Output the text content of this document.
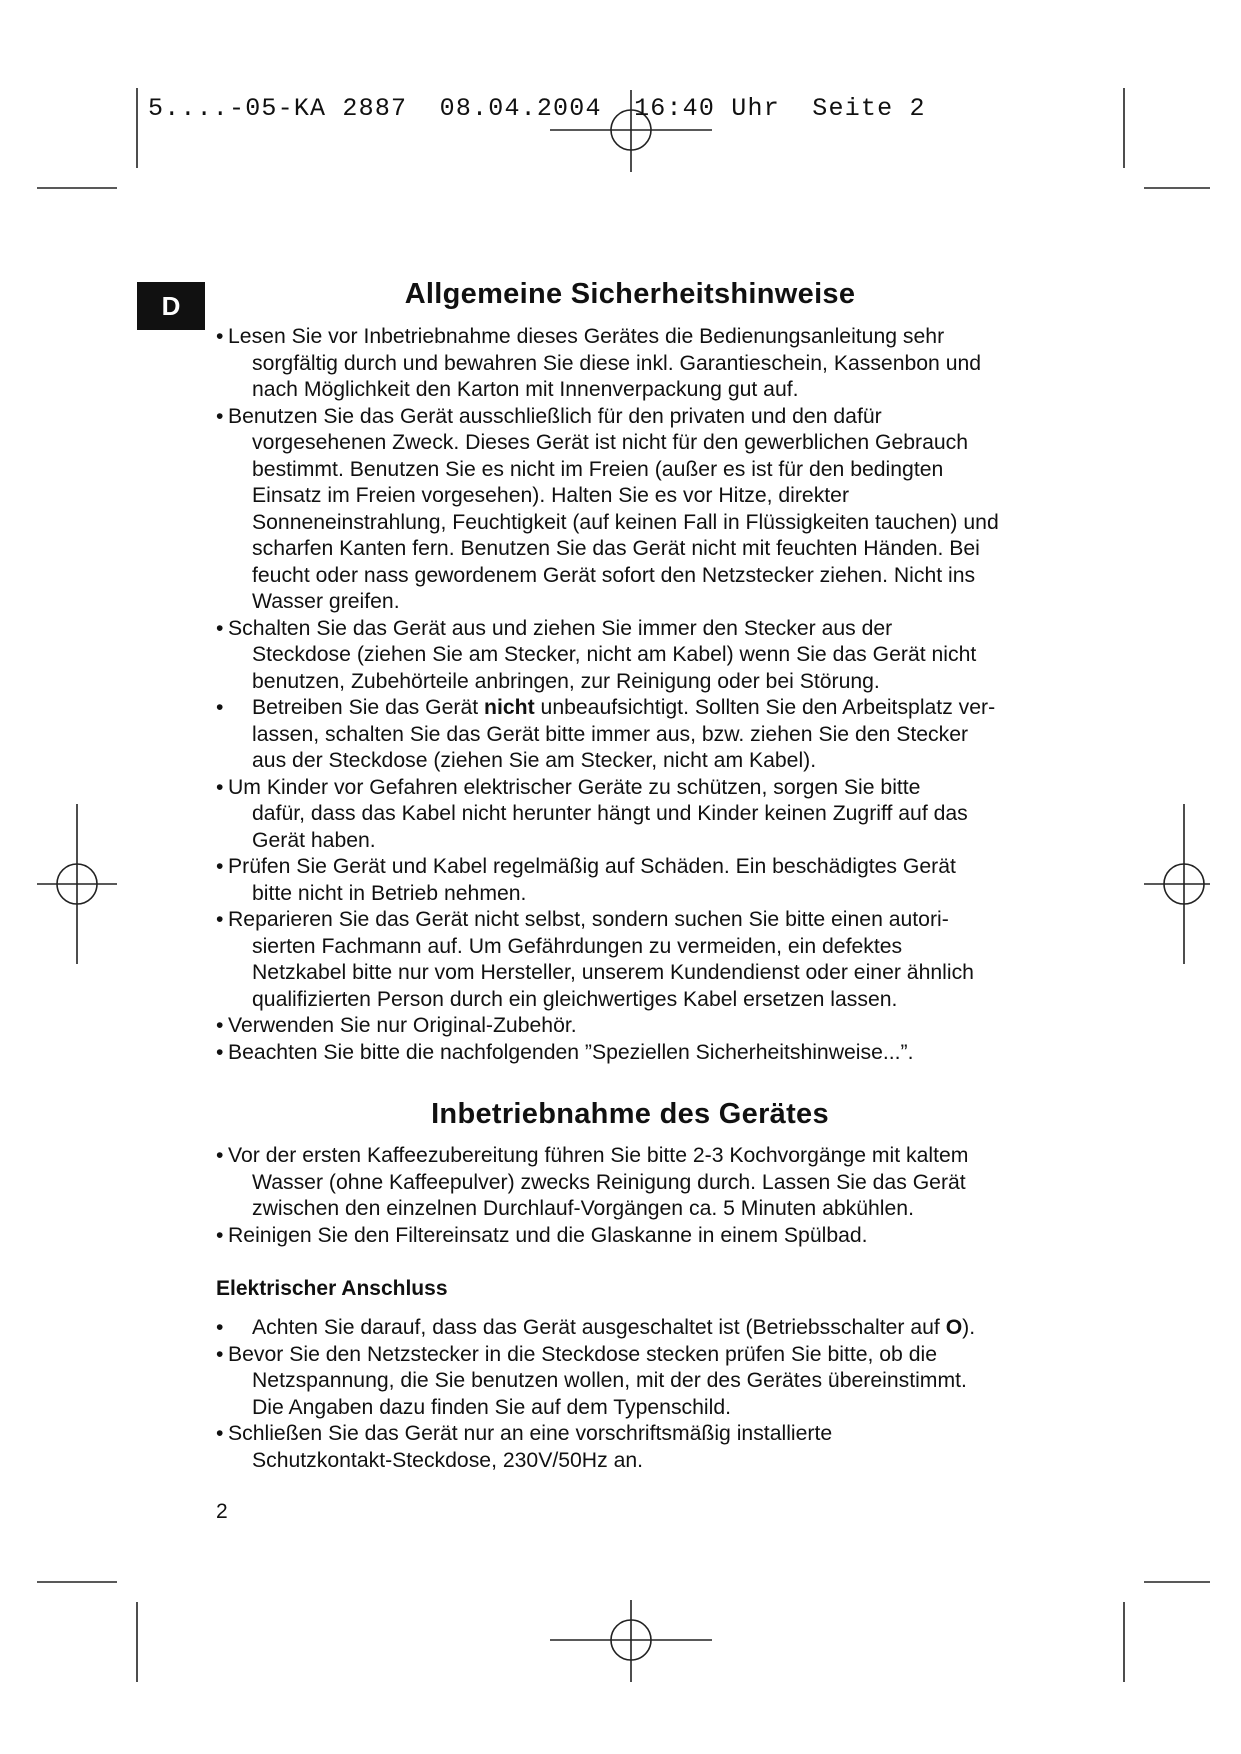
5....-05-KA 2887  08.04.2004  16:40 Uhr  Seite 2
D	Allgemeine Sicherheitshinweise
• Lesen Sie vor Inbetriebnahme dieses Gerätes die Bedienungsanleitung sehr
sorgfältig durch und bewahren Sie diese inkl. Garantieschein, Kassenbon und
nach Möglichkeit den Karton mit Innenverpackung gut auf.
• Benutzen Sie das Gerät ausschließlich für den privaten und den dafür
vorgesehenen Zweck. Dieses Gerät ist nicht für den gewerblichen Gebrauch
bestimmt. Benutzen Sie es nicht im Freien (außer es ist für den bedingten
Einsatz im Freien vorgesehen). Halten Sie es vor Hitze, direkter
Sonneneinstrahlung, Feuchtigkeit (auf keinen Fall in Flüssigkeiten tauchen) und
scharfen Kanten fern. Benutzen Sie das Gerät nicht mit feuchten Händen. Bei
feucht oder nass gewordenem Gerät sofort den Netzstecker ziehen. Nicht ins
Wasser greifen.
• Schalten Sie das Gerät aus und ziehen Sie immer den Stecker aus der
Steckdose (ziehen Sie am Stecker, nicht am Kabel) wenn Sie das Gerät nicht
benutzen, Zubehörteile anbringen, zur Reinigung oder bei Störung.
• Betreiben Sie das Gerät nicht unbeaufsichtigt. Sollten Sie den Arbeitsplatz ver-
lassen, schalten Sie das Gerät bitte immer aus, bzw. ziehen Sie den Stecker
aus der Steckdose (ziehen Sie am Stecker, nicht am Kabel).
• Um Kinder vor Gefahren elektrischer Geräte zu schützen, sorgen Sie bitte
dafür, dass das Kabel nicht herunter hängt und Kinder keinen Zugriff auf das
Gerät haben.
• Prüfen Sie Gerät und Kabel regelmäßig auf Schäden. Ein beschädigtes Gerät
bitte nicht in Betrieb nehmen.
• Reparieren Sie das Gerät nicht selbst, sondern suchen Sie bitte einen autori-
sierten Fachmann auf. Um Gefährdungen zu vermeiden, ein defektes
Netzkabel bitte nur vom Hersteller, unserem Kundendienst oder einer ähnlich
qualifizierten Person durch ein gleichwertiges Kabel ersetzen lassen.
• Verwenden Sie nur Original-Zubehör.
• Beachten Sie bitte die nachfolgenden ”Speziellen Sicherheitshinweise...”.
Inbetriebnahme des Gerätes
• Vor der ersten Kaffeezubereitung führen Sie bitte 2-3 Kochvorgänge mit kaltem
Wasser (ohne Kaffeepulver) zwecks Reinigung durch. Lassen Sie das Gerät
zwischen den einzelnen Durchlauf-Vorgängen ca. 5 Minuten abkühlen.
• Reinigen Sie den Filtereinsatz und die Glaskanne in einem Spülbad.
Elektrischer Anschluss
• Achten Sie darauf, dass das Gerät ausgeschaltet ist (Betriebsschalter auf O).
• Bevor Sie den Netzstecker in die Steckdose stecken prüfen Sie bitte, ob die
Netzspannung, die Sie benutzen wollen, mit der des Gerätes übereinstimmt.
Die Angaben dazu finden Sie auf dem Typenschild.
• Schließen Sie das Gerät nur an eine vorschriftsmäßig installierte
Schutzkontakt-Steckdose, 230V/50Hz an.
2
